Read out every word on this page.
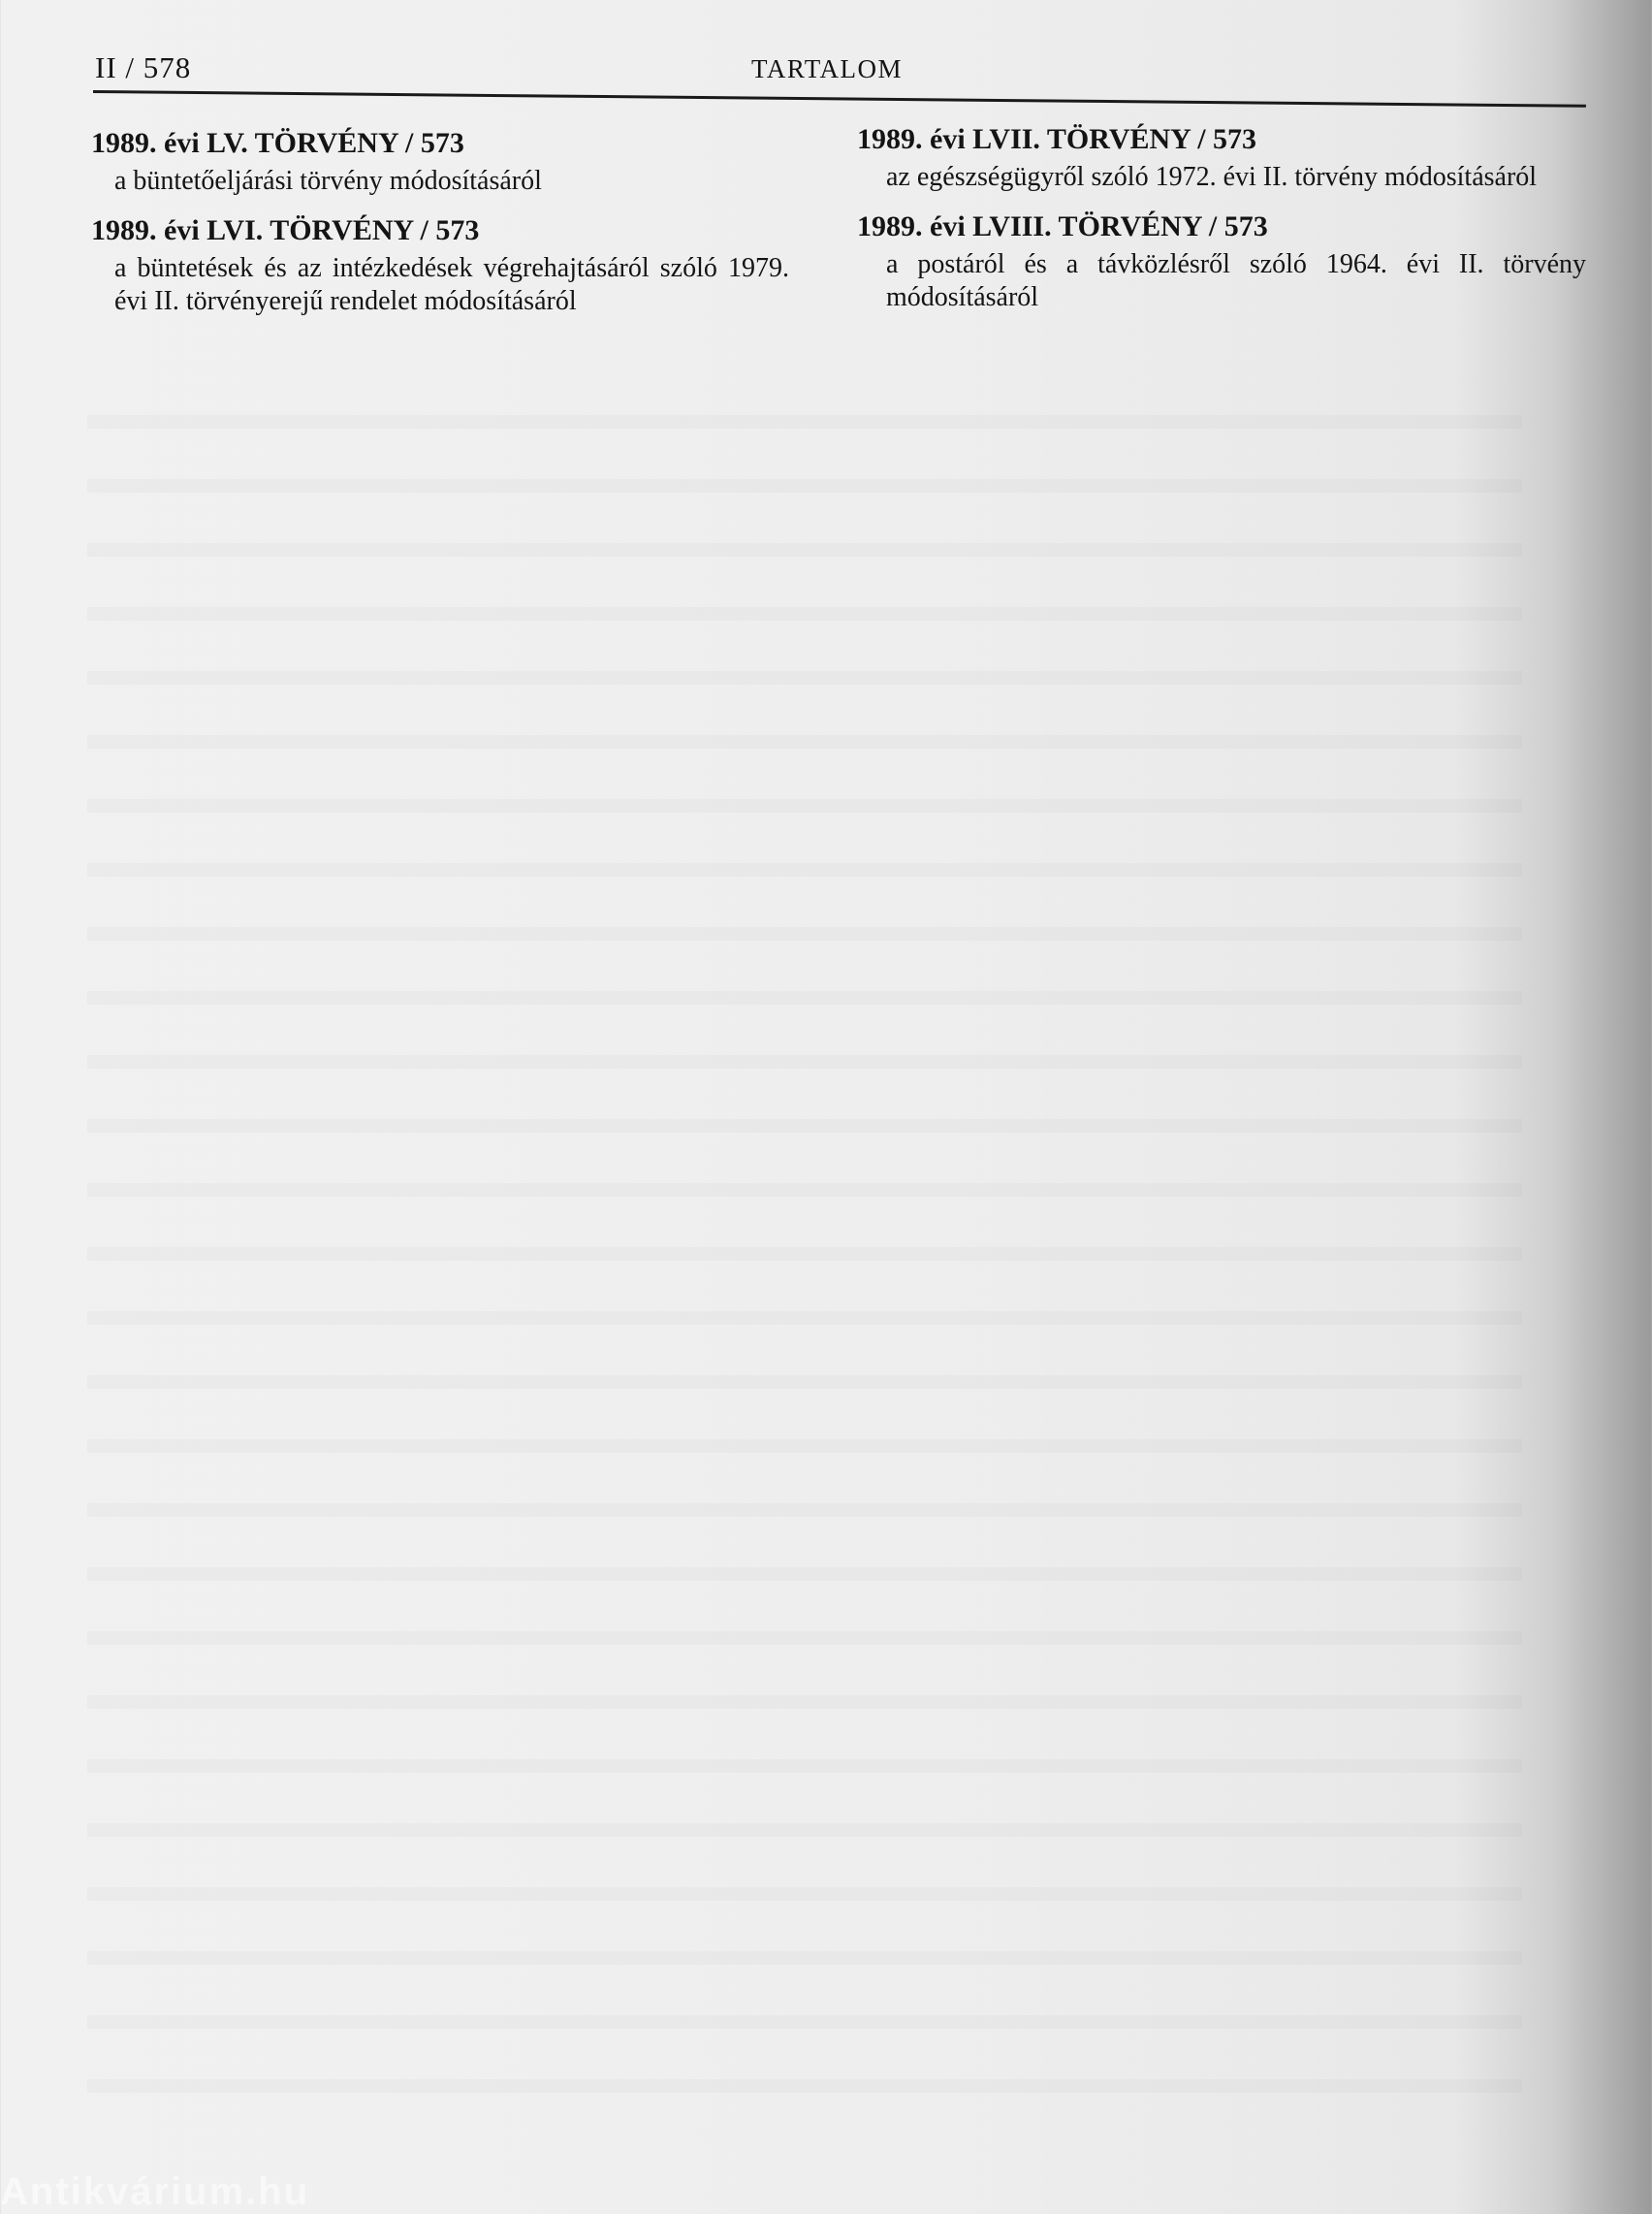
II / 578	TARTALOM

1989. évi LV. TÖRVÉNY / 573

a büntetőeljárási törvény módosításáról

1989. évi LVI. TÖRVÉNY / 573

a büntetések és az intézkedések végrehajtásáról szóló 1979. évi II. törvényerejű rendelet módosításáról

1989. évi LVII. TÖRVÉNY / 573

az egészségügyről szóló 1972. évi II. törvény módosításáról

1989. évi LVIII. TÖRVÉNY / 573

a postáról és a távközlésről szóló 1964. évi II. törvény módosításáról

Antikvárium.hu
